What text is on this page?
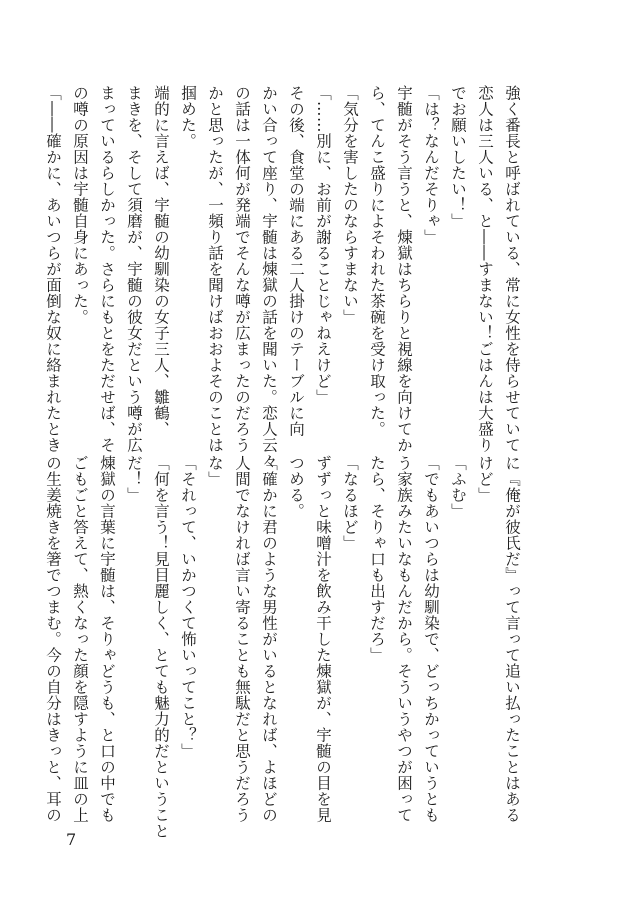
強く番長と呼ばれている、常に女性を侍らせていて

恋人は三人いる、と――すまない！ごはんは大盛り

でお願いしたい！」

「は？なんだそりゃ」

宇髄がそう言うと、煉獄はちらりと視線を向けてか

ら、てんこ盛りによそわれた茶碗を受け取った。

「気分を害したのならすまない」

「……別に、お前が謝ることじゃねえけど」

その後、食堂の端にある二人掛けのテーブルに向

かい合って座り、宇髄は煉獄の話を聞いた。恋人云々

の話は一体何が発端でそんな噂が広まったのだろう

かと思ったが、一頻り話を聞けばおおよそのことは

掴めた。

端的に言えば、宇髄の幼馴染の女子三人、雛鶴、

まきを、そして須磨が、宇髄の彼女だという噂が広

まっているらしかった。さらにもとをただせば、そ

の噂の原因は宇髄自身にあった。

「――確かに、あいつらが面倒な奴に絡まれたとき

に『俺が彼氏だ』って言って追い払ったことはある

けど」

「ふむ」

「でもあいつらは幼馴染で、どっちかっていうとも

う家族みたいなもんだから。そういうやつが困って

たら、そりゃ口も出すだろ」

「なるほど」

ずずっと味噌汁を飲み干した煉獄が、宇髄の目を見

つめる。

「確かに君のような男性がいるとなれば、よほどの

人間でなければ言い寄ることも無駄だと思うだろう

な」

「それって、いかつくて怖いってこと？」

「何を言う！見目麗しく、とても魅力的だということ

だ！」

煉獄の言葉に宇髄は、そりゃどうも、と口の中でも

ごもごと答えて、熱くなった顔を隠すように皿の上

の生姜焼きを箸でつまむ。今の自分はきっと、耳の

7
